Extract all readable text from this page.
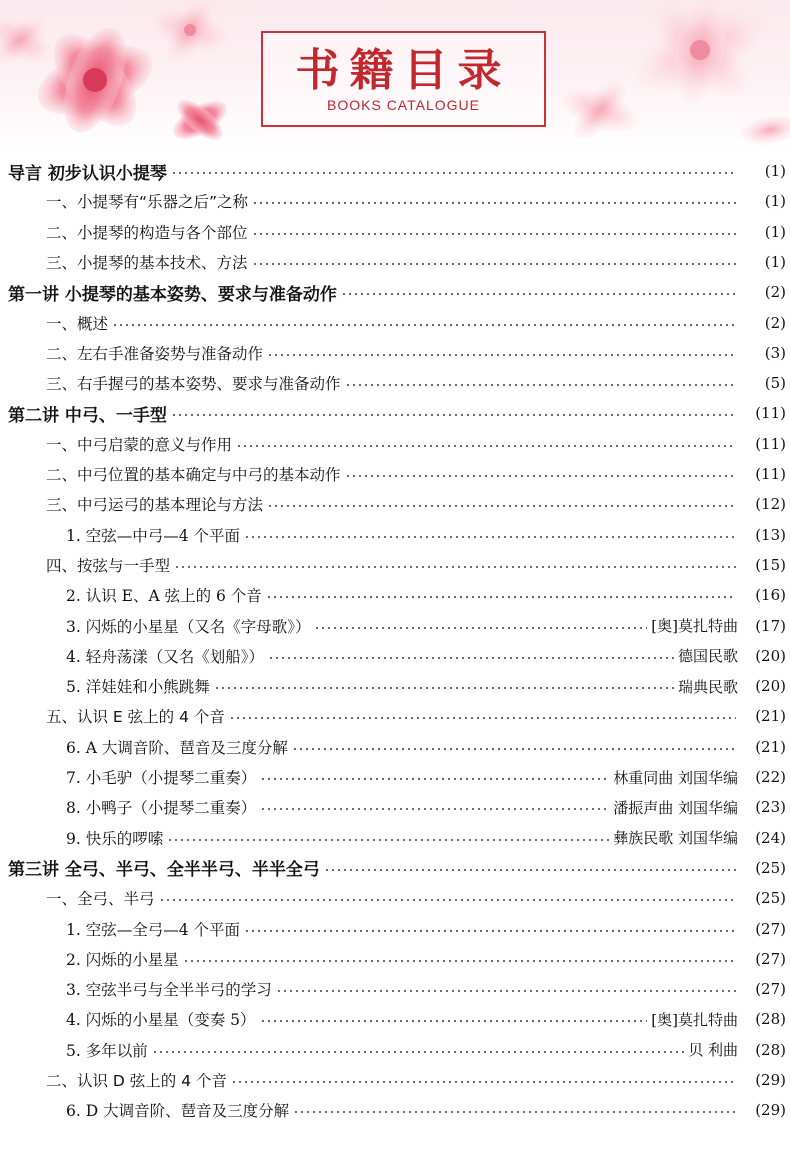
书籍目录
BOOKS CATALOGUE
导言 初步认识小提琴	(1)
一、小提琴有“乐器之后”之称	(1)
二、小提琴的构造与各个部位	(1)
三、小提琴的基本技术、方法	(1)
第一讲 小提琴的基本姿势、要求与准备动作	(2)
一、概述	(2)
二、左右手准备姿势与准备动作	(3)
三、右手握弓的基本姿势、要求与准备动作	(5)
第二讲 中弓、一手型	(11)
一、中弓启蒙的意义与作用	(11)
二、中弓位置的基本确定与中弓的基本动作	(11)
三、中弓运弓的基本理论与方法	(12)
1. 空弦—中弓—4 个平面	(13)
四、按弦与一手型	(15)
2. 认识 E、A 弦上的 6 个音	(16)
3. 闪烁的小星星（又名《字母歌》）	[奥]莫扎特曲	(17)
4. 轻舟荡漾（又名《划船》）	德国民歌	(20)
5. 洋娃娃和小熊跳舞	瑞典民歌	(20)
五、认识 E 弦上的 4 个音	(21)
6. A 大调音阶、琶音及三度分解	(21)
7. 小毛驴（小提琴二重奏）	林重同曲 刘国华编	(22)
8. 小鸭子（小提琴二重奏）	潘振声曲 刘国华编	(23)
9. 快乐的啰嗦	彝族民歌 刘国华编	(24)
第三讲 全弓、半弓、全半半弓、半半全弓	(25)
一、全弓、半弓	(25)
1. 空弦—全弓—4 个平面	(27)
2. 闪烁的小星星	(27)
3. 空弦半弓与全半半弓的学习	(27)
4. 闪烁的小星星（变奏 5）	[奥]莫扎特曲	(28)
5. 多年以前	贝 利曲	(28)
二、认识 D 弦上的 4 个音	(29)
6. D 大调音阶、琶音及三度分解	(29)
